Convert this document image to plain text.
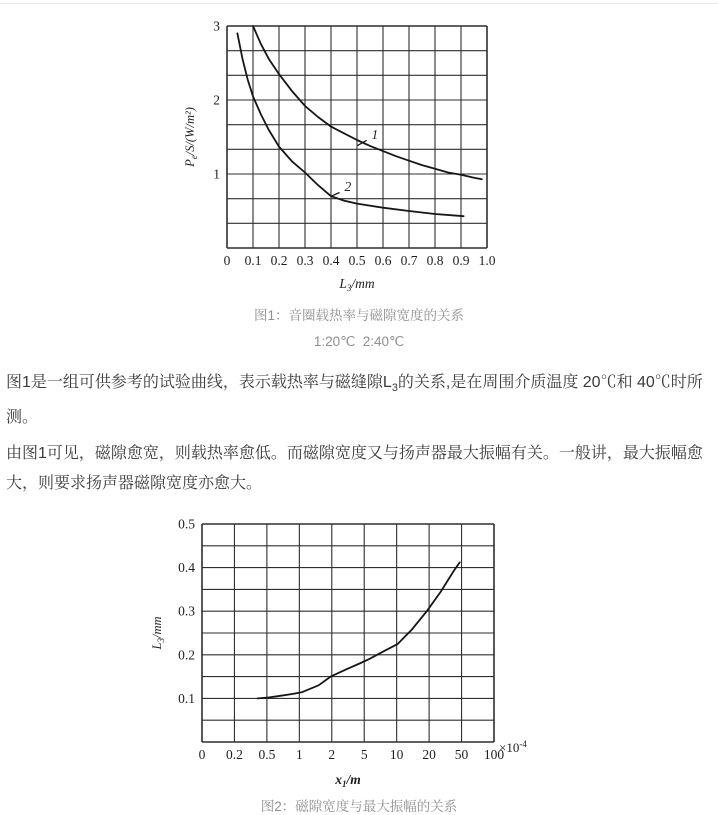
1
2
3
0 0.1 0.2 0.3 0.4 0.5 0.6 0.7 0.8 0.9 1.0
$L_3/mm$
$P_e/S/(W/m^2)$	1
2
图1：音圈载热率与磁隙宽度的关系
1:20℃  2:40℃

图1是一组可供参考的试验曲线，表示载热率与磁缝隙$L_3$的关系,是在周围介质温度 20℃和 40℃时所测。

由图1可见，磁隙愈宽，则载热率愈低。而磁隙宽度又与扬声器最大振幅有关。一般讲，最大振幅愈大，则要求扬声器磁隙宽度亦愈大。

0.5
0.4
0.3
0.2
0.1
0 0.2 0.5 1 2 5 10 20 50 100
$\times 10^{-4}$
$x_1/m$
$L_3/mm$
图2：磁隙宽度与最大振幅的关系
